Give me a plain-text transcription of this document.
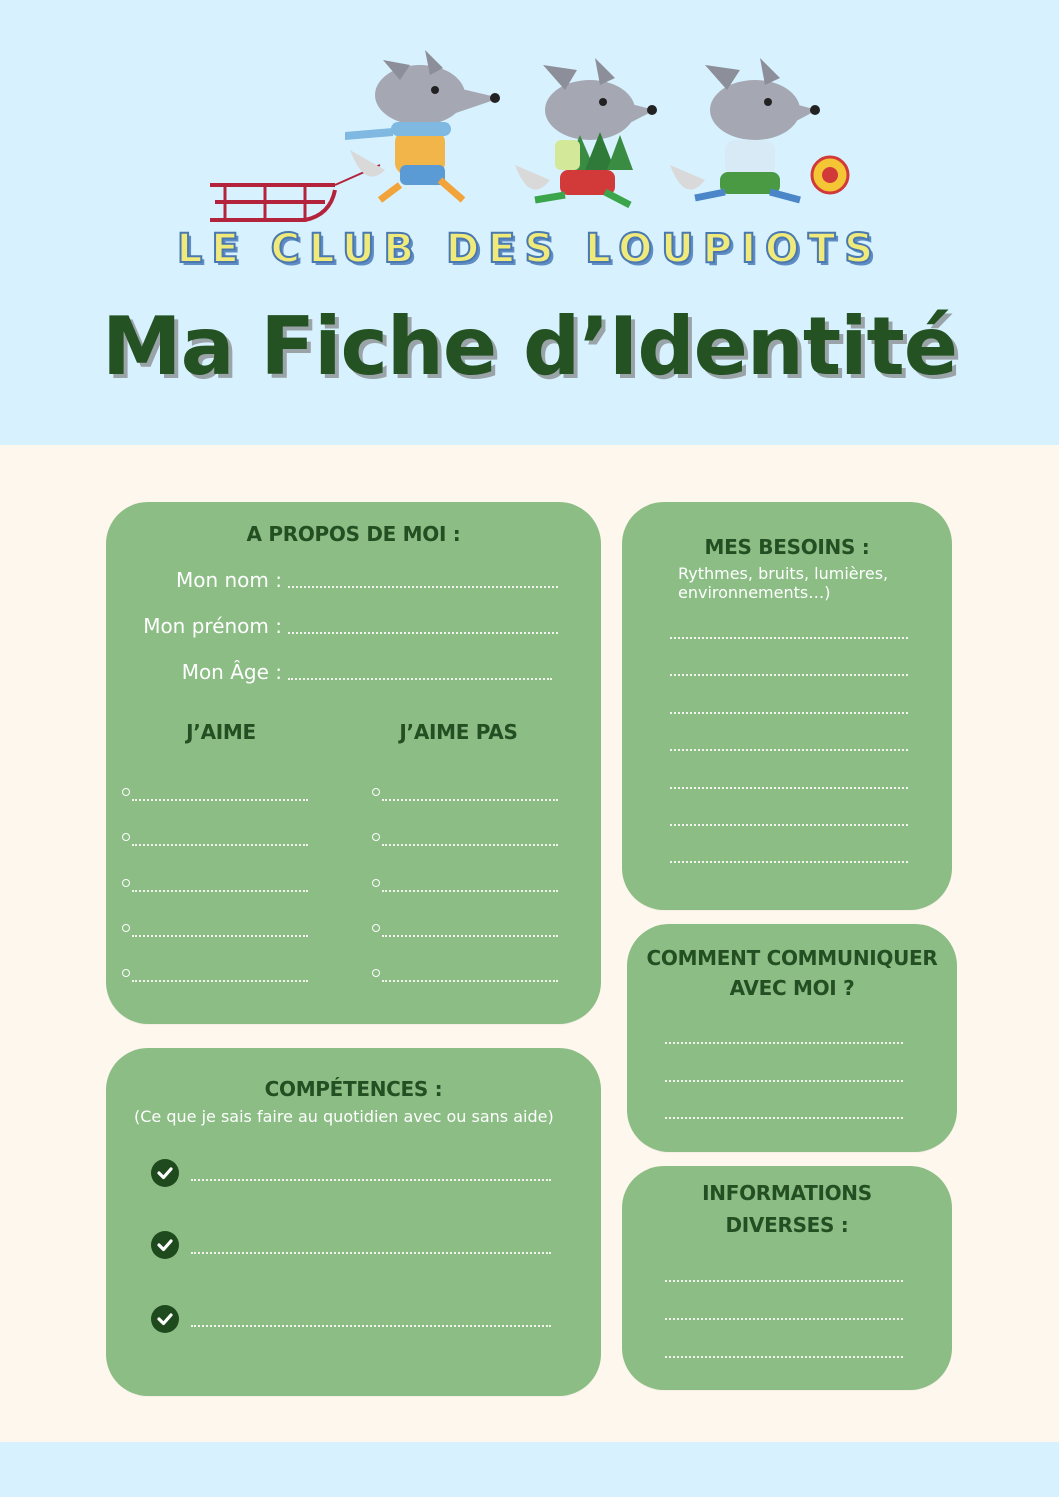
LE CLUB DES LOUPIOTS
Ma Fiche d’Identité
A PROPOS DE MOI :
Mon nom :
Mon prénom :
Mon Âge :
J’AIME	J’AIME PAS
MES BESOINS :
Rythmes, bruits, lumières, environnements…)
COMMENT COMMUNIQUER
AVEC MOI ?
COMPÉTENCES :
(Ce que je sais faire au quotidien avec ou sans aide)
INFORMATIONS
DIVERSES :
